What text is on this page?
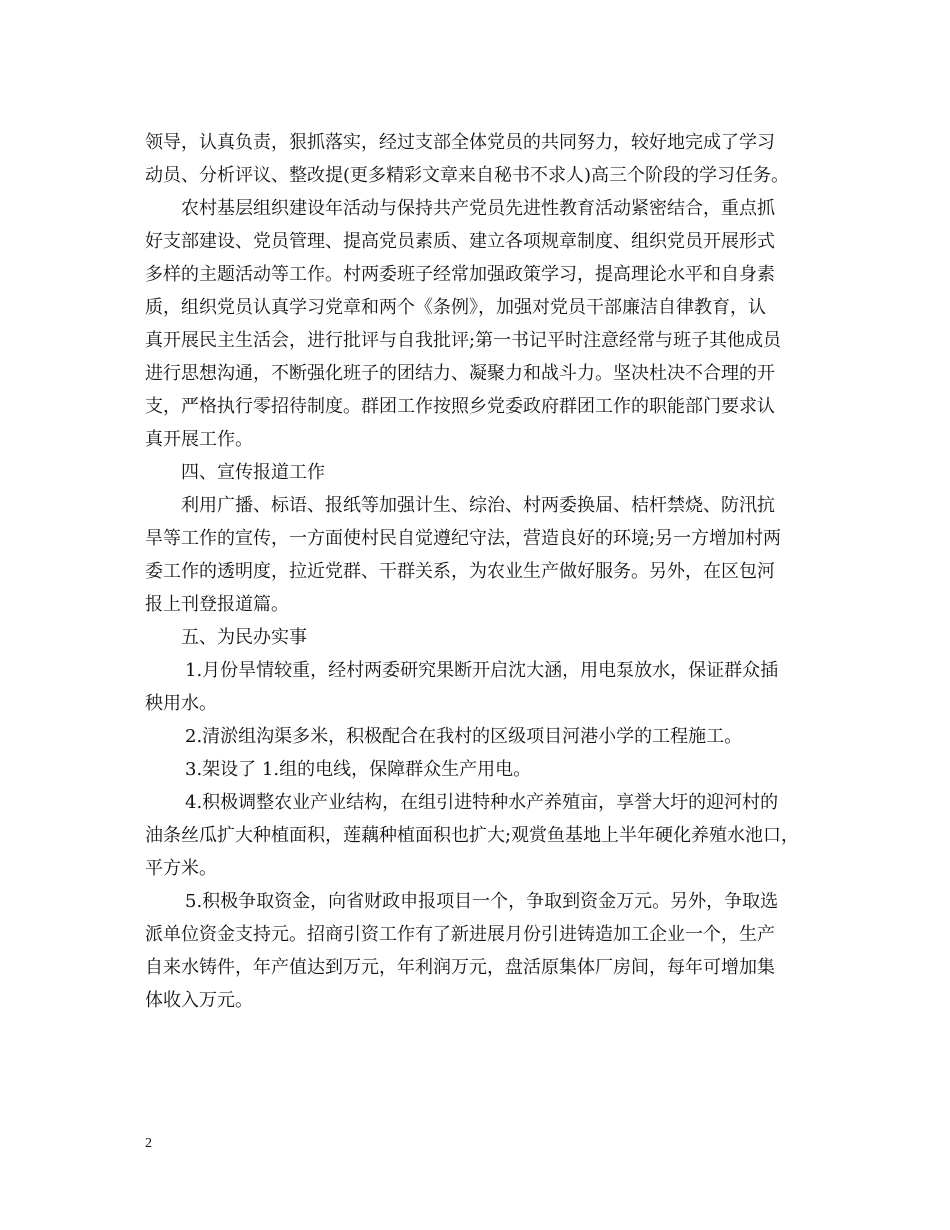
领导，认真负责，狠抓落实，经过支部全体党员的共同努力，较好地完成了学习
动员、分析评议、整改提(更多精彩文章来自秘书不求人)高三个阶段的学习任务。
农村基层组织建设年活动与保持共产党员先进性教育活动紧密结合，重点抓
好支部建设、党员管理、提高党员素质、建立各项规章制度、组织党员开展形式
多样的主题活动等工作。村两委班子经常加强政策学习，提高理论水平和自身素
质，组织党员认真学习党章和两个《条例》，加强对党员干部廉洁自律教育，认
真开展民主生活会，进行批评与自我批评;第一书记平时注意经常与班子其他成员
进行思想沟通，不断强化班子的团结力、凝聚力和战斗力。坚决杜决不合理的开
支，严格执行零招待制度。群团工作按照乡党委政府群团工作的职能部门要求认
真开展工作。
四、宣传报道工作
利用广播、标语、报纸等加强计生、综治、村两委换届、桔杆禁烧、防汛抗
旱等工作的宣传，一方面使村民自觉遵纪守法，营造良好的环境;另一方增加村两
委工作的透明度，拉近党群、干群关系，为农业生产做好服务。另外，在区包河
报上刊登报道篇。
五、为民办实事
1.月份旱情较重，经村两委研究果断开启沈大涵，用电泵放水，保证群众插
秧用水。
2.清淤组沟渠多米，积极配合在我村的区级项目河港小学的工程施工。
3.架设了 1.组的电线，保障群众生产用电。
4.积极调整农业产业结构，在组引进特种水产养殖亩，享誉大圩的迎河村的
油条丝瓜扩大种植面积，莲藕种植面积也扩大;观赏鱼基地上半年硬化养殖水池口，
平方米。
5.积极争取资金，向省财政申报项目一个，争取到资金万元。另外，争取选
派单位资金支持元。招商引资工作有了新进展月份引进铸造加工企业一个，生产
自来水铸件，年产值达到万元，年利润万元，盘活原集体厂房间，每年可增加集
体收入万元。
2
